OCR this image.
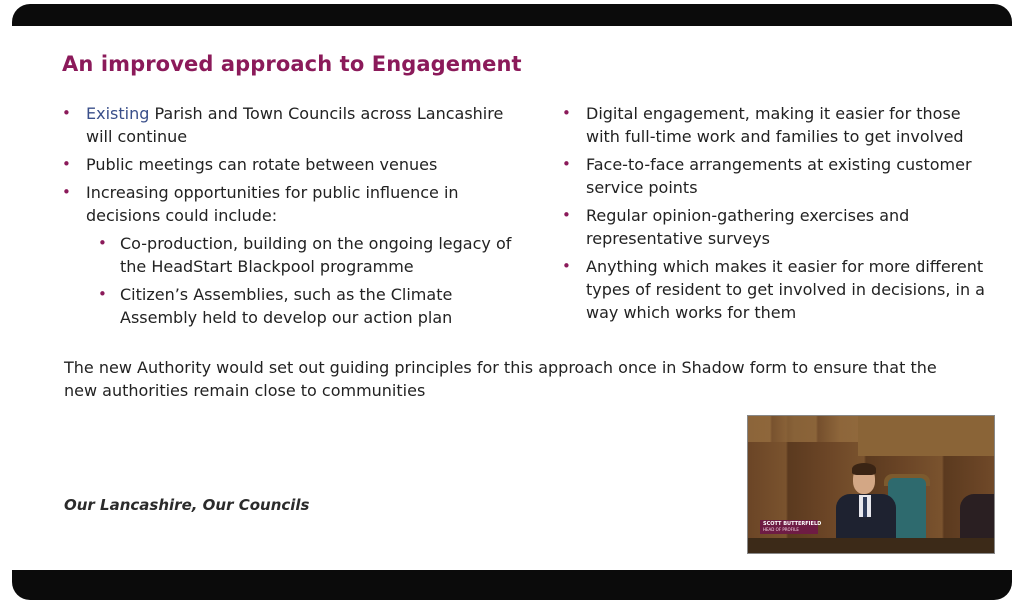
An improved approach to Engagement
• Existing Parish and Town Councils across Lancashire will continue
• Public meetings can rotate between venues
• Increasing opportunities for public influence in decisions could include:
• Co-production, building on the ongoing legacy of the HeadStart Blackpool programme
• Citizen’s Assemblies, such as the Climate Assembly held to develop our action plan
• Digital engagement, making it easier for those with full-time work and families to get involved
• Face-to-face arrangements at existing customer service points
• Regular opinion-gathering exercises and representative surveys
• Anything which makes it easier for more different types of resident to get involved in decisions, in a way which works for them
The new Authority would set out guiding principles for this approach once in Shadow form to ensure that the new authorities remain close to communities
Our Lancashire, Our Councils
SCOTT BUTTERFIELD
HEAD OF PROFILE
